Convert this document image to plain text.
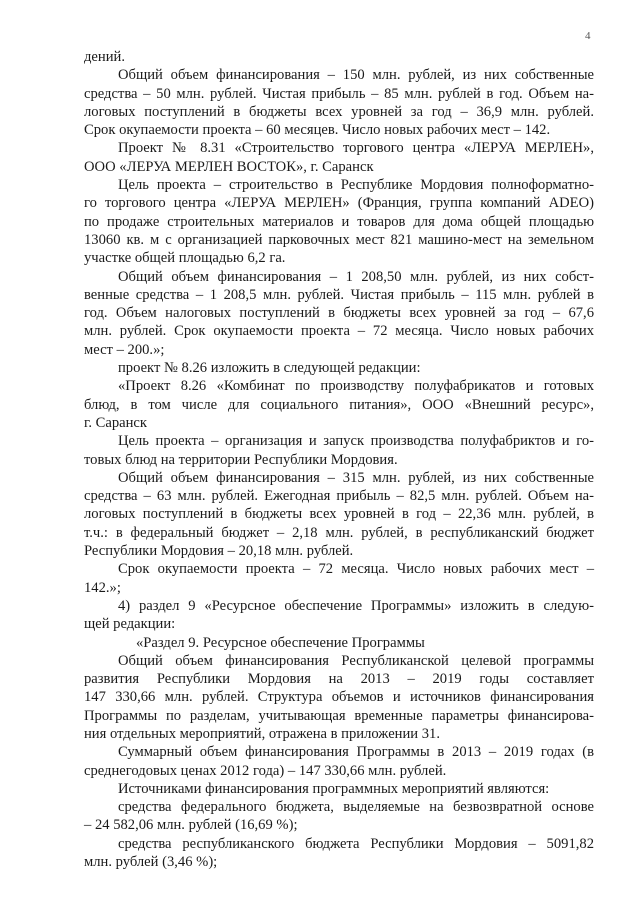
4
дений.
Общий объем финансирования – 150 млн. рублей, из них собственные
средства – 50 млн. рублей. Чистая прибыль – 85 млн. рублей в год. Объем на-
логовых поступлений в бюджеты всех уровней за год – 36,9 млн. рублей.
Срок окупаемости проекта – 60 месяцев. Число новых рабочих мест – 142.
Проект № 8.31 «Строительство торгового центра «ЛЕРУА МЕРЛЕН»,
ООО «ЛЕРУА МЕРЛЕН ВОСТОК», г. Саранск
Цель проекта – строительство в Республике Мордовия полноформатно-
го торгового центра «ЛЕРУА МЕРЛЕН» (Франция, группа компаний ADEO)
по продаже строительных материалов и товаров для дома общей площадью
13060 кв. м с организацией парковочных мест 821 машино-мест на земельном
участке общей площадью 6,2 га.
Общий объем финансирования – 1 208,50 млн. рублей, из них собст-
венные средства – 1 208,5 млн. рублей. Чистая прибыль – 115 млн. рублей в
год. Объем налоговых поступлений в бюджеты всех уровней за год – 67,6
млн. рублей. Срок окупаемости проекта – 72 месяца. Число новых рабочих
мест – 200.»;
проект № 8.26 изложить в следующей редакции:
«Проект 8.26 «Комбинат по производству полуфабрикатов и готовых
блюд, в том числе для социального питания», ООО «Внешний ресурс»,
г. Саранск
Цель проекта – организация и запуск производства полуфабриктов и го-
товых блюд на территории Республики Мордовия.
Общий объем финансирования – 315 млн. рублей, из них собственные
средства – 63 млн. рублей. Ежегодная прибыль – 82,5 млн. рублей. Объем на-
логовых поступлений в бюджеты всех уровней в год – 22,36 млн. рублей, в
т.ч.: в федеральный бюджет – 2,18 млн. рублей, в республиканский бюджет
Республики Мордовия – 20,18 млн. рублей.
Срок окупаемости проекта – 72 месяца. Число новых рабочих мест –
142.»;
4) раздел 9 «Ресурсное обеспечение Программы» изложить в следую-
щей редакции:
«Раздел 9. Ресурсное обеспечение Программы
Общий объем финансирования Республиканской целевой программы
развития Республики Мордовия на 2013 – 2019 годы составляет
147 330,66 млн. рублей. Структура объемов и источников финансирования
Программы по разделам, учитывающая временные параметры финансирова-
ния отдельных мероприятий, отражена в приложении 31.
Суммарный объем финансирования Программы в 2013 – 2019 годах (в
среднегодовых ценах 2012 года) – 147 330,66 млн. рублей.
Источниками финансирования программных мероприятий являются:
средства федерального бюджета, выделяемые на безвозвратной основе
– 24 582,06 млн. рублей (16,69 %);
средства республиканского бюджета Республики Мордовия – 5091,82
млн. рублей (3,46 %);
